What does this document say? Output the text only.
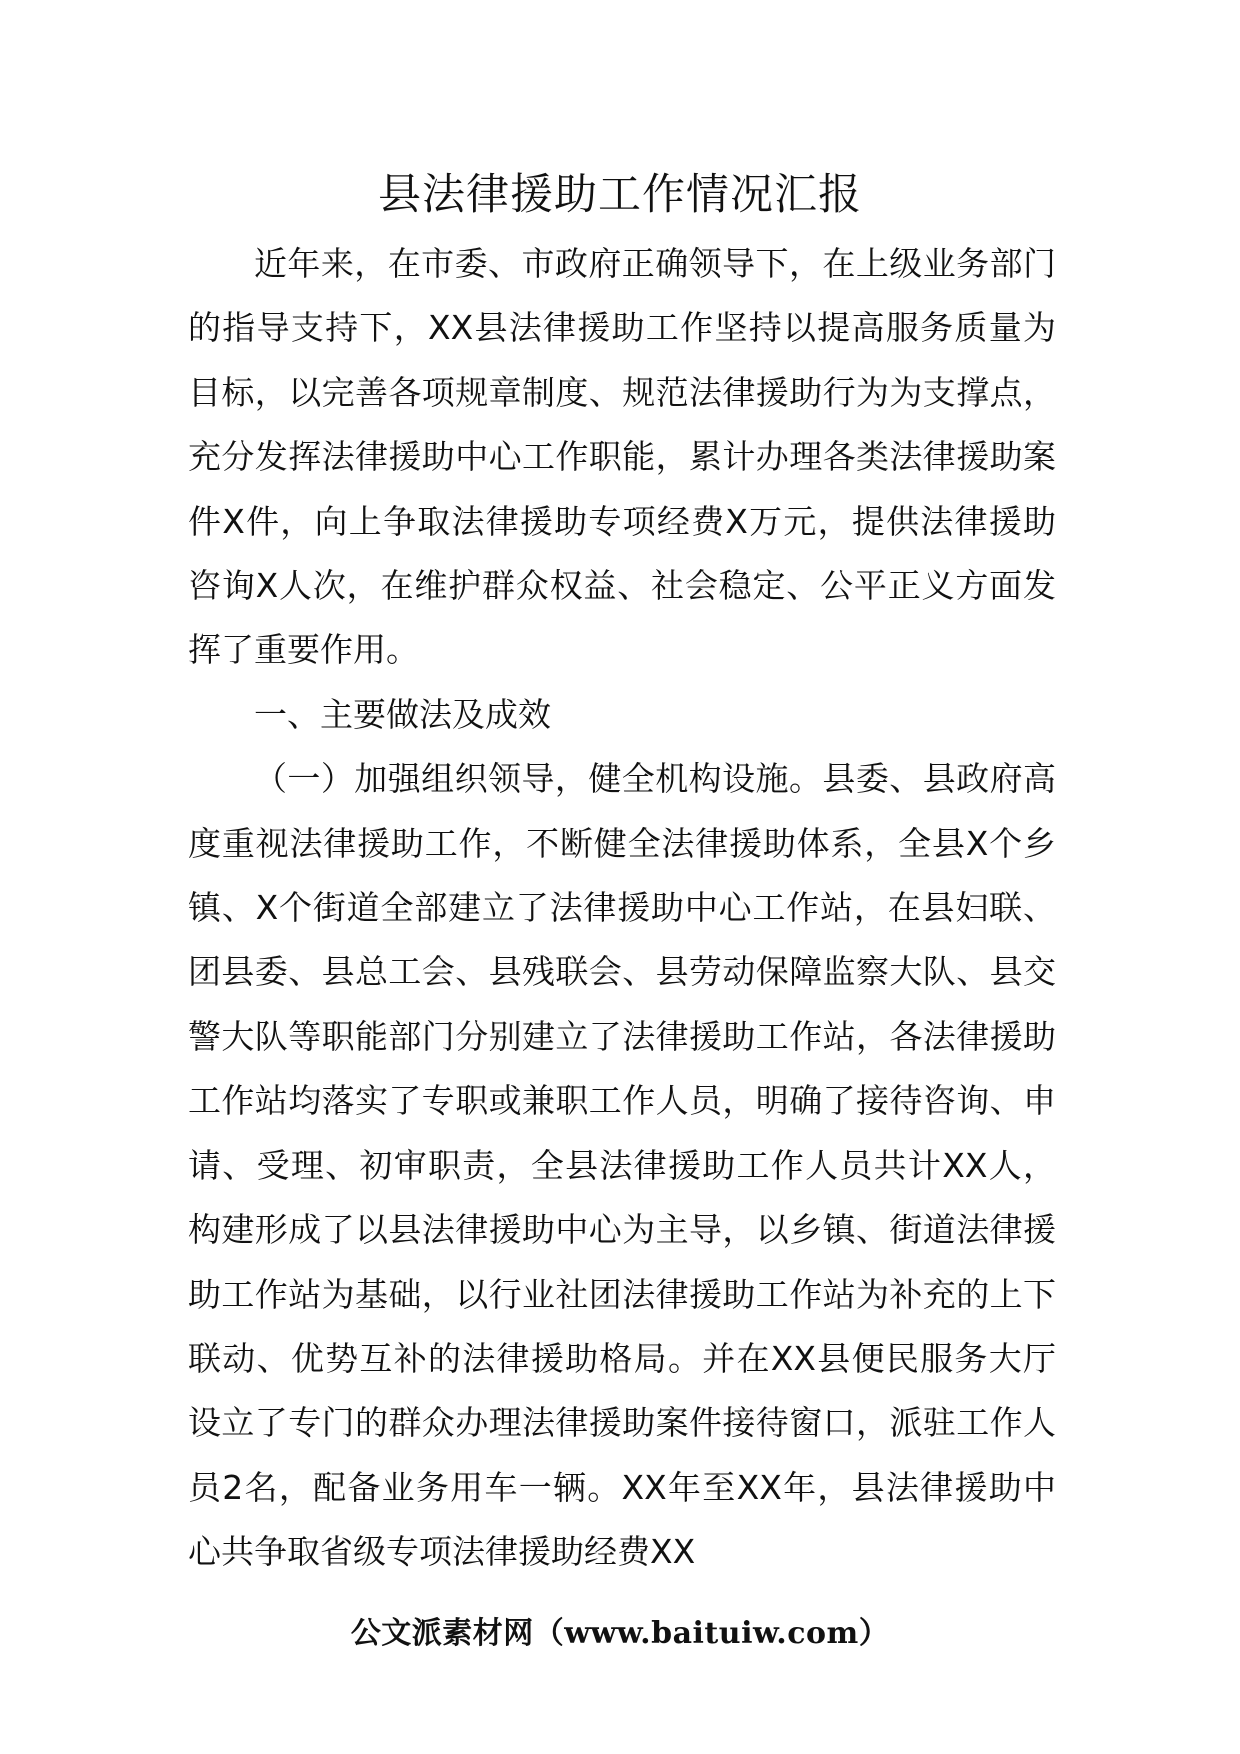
县法律援助工作情况汇报

近年来，在市委、市政府正确领导下，在上级业务部门的指导支持下，XX县法律援助工作坚持以提高服务质量为目标，以完善各项规章制度、规范法律援助行为为支撑点，充分发挥法律援助中心工作职能，累计办理各类法律援助案件X件，向上争取法律援助专项经费X万元，提供法律援助咨询X人次，在维护群众权益、社会稳定、公平正义方面发挥了重要作用。

一、主要做法及成效

（一）加强组织领导，健全机构设施。县委、县政府高度重视法律援助工作，不断健全法律援助体系，全县X个乡镇、X个街道全部建立了法律援助中心工作站，在县妇联、团县委、县总工会、县残联会、县劳动保障监察大队、县交警大队等职能部门分别建立了法律援助工作站，各法律援助工作站均落实了专职或兼职工作人员，明确了接待咨询、申请、受理、初审职责，全县法律援助工作人员共计XX人，构建形成了以县法律援助中心为主导，以乡镇、街道法律援助工作站为基础，以行业社团法律援助工作站为补充的上下联动、优势互补的法律援助格局。并在XX县便民服务大厅设立了专门的群众办理法律援助案件接待窗口，派驻工作人员2名，配备业务用车一辆。XX年至XX年，县法律援助中心共争取省级专项法律援助经费XX

公文派素材网（www.baituiw.com）
